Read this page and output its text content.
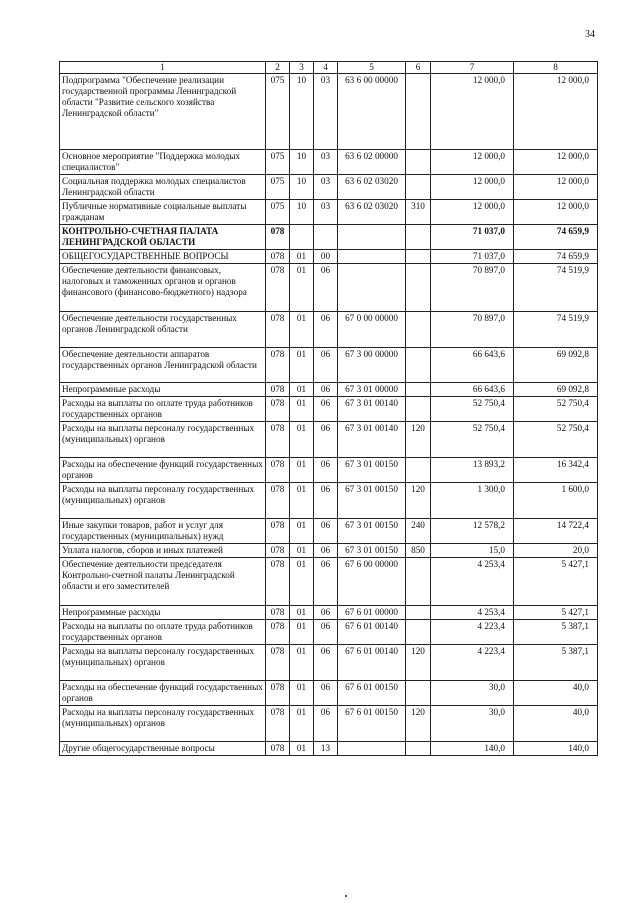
34
1	2	3	4	5	6	7	8
Подпрограмма "Обеспечение реализации государственной программы Ленинградской области "Развитие сельского хозяйства Ленинградской области"	075	10	03	63 6 00 00000		12 000,0	12 000,0
Основное мероприятие "Поддержка молодых специалистов"	075	10	03	63 6 02 00000		12 000,0	12 000,0
Социальная поддержка молодых специалистов Ленинградской области	075	10	03	63 6 02 03020		12 000,0	12 000,0
Публичные нормативные социальные выплаты гражданам	075	10	03	63 6 02 03020	310	12 000,0	12 000,0
КОНТРОЛЬНО-СЧЕТНАЯ ПАЛАТА ЛЕНИНГРАДСКОЙ ОБЛАСТИ	078					71 037,0	74 659,9
ОБЩЕГОСУДАРСТВЕННЫЕ ВОПРОСЫ	078	01	00			71 037,0	74 659,9
Обеспечение деятельности финансовых, налоговых и таможенных органов и органов финансового (финансово-бюджетного) надзора	078	01	06			70 897,0	74 519,9
Обеспечение деятельности государственных органов Ленинградской области	078	01	06	67 0 00 00000		70 897,0	74 519,9
Обеспечение деятельности аппаратов государственных органов Ленинградской области	078	01	06	67 3 00 00000		66 643,6	69 092,8
Непрограммные расходы	078	01	06	67 3 01 00000		66 643,6	69 092,8
Расходы на выплаты по оплате труда работников государственных органов	078	01	06	67 3 01 00140		52 750,4	52 750,4
Расходы на выплаты персоналу государственных (муниципальных) органов	078	01	06	67 3 01 00140	120	52 750,4	52 750,4
Расходы на обеспечение функций государственных органов	078	01	06	67 3 01 00150		13 893,2	16 342,4
Расходы на выплаты персоналу государственных (муниципальных) органов	078	01	06	67 3 01 00150	120	1 300,0	1 600,0
Иные закупки товаров, работ и услуг для государственных (муниципальных) нужд	078	01	06	67 3 01 00150	240	12 578,2	14 722,4
Уплата налогов, сборов и иных платежей	078	01	06	67 3 01 00150	850	15,0	20,0
Обеспечение деятельности председателя Контрольно-счетной палаты Ленинградской области и его заместителей	078	01	06	67 6 00 00000		4 253,4	5 427,1
Непрограммные расходы	078	01	06	67 6 01 00000		4 253,4	5 427,1
Расходы на выплаты по оплате труда работников государственных органов	078	01	06	67 6 01 00140		4 223,4	5 387,1
Расходы на выплаты персоналу государственных (муниципальных) органов	078	01	06	67 6 01 00140	120	4 223,4	5 387,1
Расходы на обеспечение функций государственных органов	078	01	06	67 6 01 00150		30,0	40,0
Расходы на выплаты персоналу государственных (муниципальных) органов	078	01	06	67 6 01 00150	120	30,0	40,0
Другие общегосударственные вопросы	078	01	13			140,0	140,0
